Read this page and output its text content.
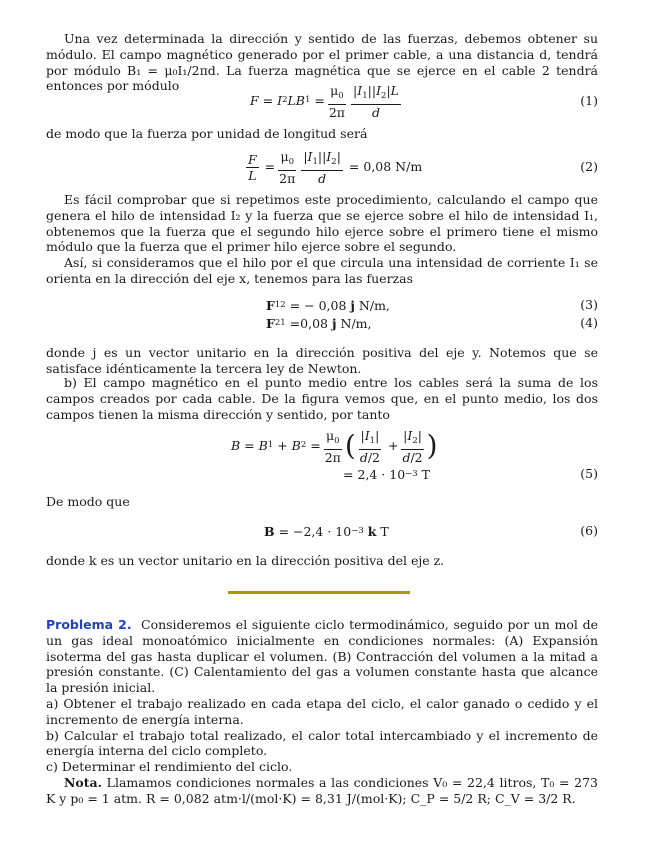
Una vez determinada la dirección y sentido de las fuerzas, debemos obtener su módulo. El campo magnético generado por el primer cable, a una distancia d, tendrá por módulo B₁ = μ₀I₁/2πd. La fuerza magnética que se ejerce en el cable 2 tendrá entonces por módulo
F = I 2 LB $1 = \frac{\mu_0}{2\pi} \frac{|I_1||I_2|L}{d}$	(1)
de modo que la fuerza por unidad de longitud será
$\frac{F}{L} = \frac{\mu_0}{2\pi} \frac{|I_1||I_2|}{d}$
= 0,08 N/m	(2)
Es fácil comprobar que si repetimos este procedimiento, calculando el campo que genera el hilo de intensidad I₂ y la fuerza que se ejerce sobre el hilo de intensidad I₁, obtenemos que la fuerza que el segundo hilo ejerce sobre el primero tiene el mismo módulo que la fuerza que el primer hilo ejerce sobre el segundo.
Así, si consideramos que el hilo por el que circula una intensidad de corriente I₁ se orienta en la dirección del eje x, tenemos para las fuerzas
F 12
= − 0,08
j
N/m,	(3)
F 21
=0,08
j
N/m,	(4)
donde j es un vector unitario en la dirección positiva del eje y. Notemos que se satisface idénticamente la tercera ley de Newton.
b) El campo magnético en el punto medio entre los cables será la suma de los campos creados por cada cable. De la figura vemos que, en el punto medio, los dos campos tienen la misma dirección y sentido, por tanto
B = B 1 + B $2 = \frac{\mu_0}{2\pi}$ ( $\frac{|I_1|}{d/2} + \frac{|I_2|}{d/2}$ )
= 2,4 · 10 −3
T	(5)
De modo que
B
= −2,4 · 10 −3
k
T	(6)
donde k es un vector unitario en la dirección positiva del eje z.

Problema 2. Consideremos el siguiente ciclo termodinámico, seguido por un mol de un gas ideal monoatómico inicialmente en condiciones normales: (A) Expansión isoterma del gas hasta duplicar el volumen. (B) Contracción del volumen a la mitad a presión constante. (C) Calentamiento del gas a volumen constante hasta que alcance la presión inicial.

a) Obtener el trabajo realizado en cada etapa del ciclo, el calor ganado o cedido y el incremento de energía interna.

b) Calcular el trabajo total realizado, el calor total intercambiado y el incremento de energía interna del ciclo completo.

c) Determinar el rendimiento del ciclo.

Nota. Llamamos condiciones normales a las condiciones V₀ = 22,4 litros, T₀ = 273 K y p₀ = 1 atm. R = 0,082 atm·l/(mol·K) = 8,31 J/(mol·K); C_P = 5/2 R; C_V = 3/2 R.
